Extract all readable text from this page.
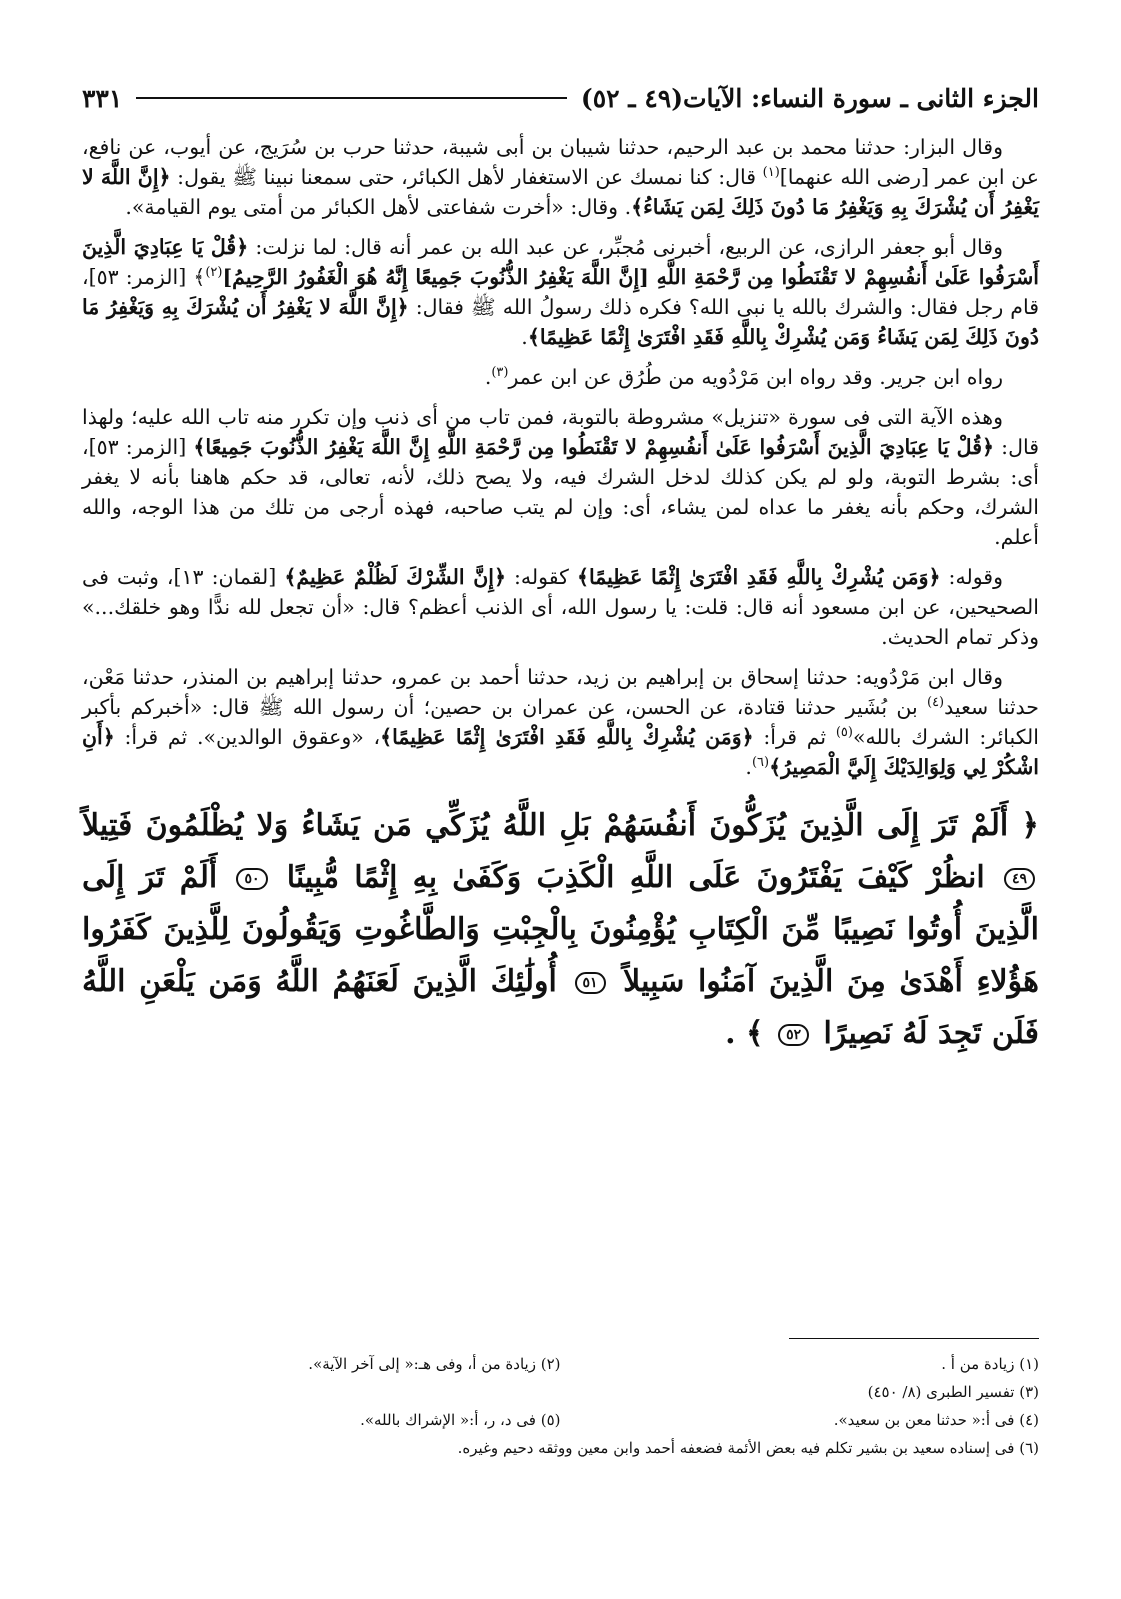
الجزء الثانى ـ سورة النساء: الآيات(٤٩ ـ ٥٢)
٣٣١

وقال البزار: حدثنا محمد بن عبد الرحيم، حدثنا شيبان بن أبى شيبة، حدثنا حرب بن سُرَيج، عن أيوب، عن نافع، عن ابن عمر [رضى الله عنهما]$^{(١)}$ قال: كنا نمسك عن الاستغفار لأهل الكبائر، حتى سمعنا نبينا ﷺ يقول: ﴿إِنَّ اللَّهَ لا يَغْفِرُ أَن يُشْرَكَ بِهِ وَيَغْفِرُ مَا دُونَ ذَلِكَ لِمَن يَشَاءُ﴾. وقال: «أخرت شفاعتى لأهل الكبائر من أمتى يوم القيامة».

وقال أبو جعفر الرازى، عن الربيع، أخبرنى مُجبِّر، عن عبد الله بن عمر أنه قال: لما نزلت: ﴿قُلْ يَا عِبَادِيَ الَّذِينَ أَسْرَفُوا عَلَىٰ أَنفُسِهِمْ لا تَقْنَطُوا مِن رَّحْمَةِ اللَّهِ [إِنَّ اللَّهَ يَغْفِرُ الذُّنُوبَ جَمِيعًا إِنَّهُ هُوَ الْغَفُورُ الرَّحِيمُ]$^{(٢)}$﴾ [الزمر: ٥٣]، قام رجل فقال: والشرك بالله يا نبى الله؟ فكره ذلك رسولُ الله ﷺ فقال: ﴿إِنَّ اللَّهَ لا يَغْفِرُ أَن يُشْرَكَ بِهِ وَيَغْفِرُ مَا دُونَ ذَلِكَ لِمَن يَشَاءُ وَمَن يُشْرِكْ بِاللَّهِ فَقَدِ افْتَرَىٰ إِثْمًا عَظِيمًا﴾.

رواه ابن جرير. وقد رواه ابن مَرْدُويه من طُرُق عن ابن عمر$^{(٣)}$.

وهذه الآية التى فى سورة «تنزيل» مشروطة بالتوبة، فمن تاب من أى ذنب وإن تكرر منه تاب الله عليه؛ ولهذا قال: ﴿قُلْ يَا عِبَادِيَ الَّذِينَ أَسْرَفُوا عَلَىٰ أَنفُسِهِمْ لا تَقْنَطُوا مِن رَّحْمَةِ اللَّهِ إِنَّ اللَّهَ يَغْفِرُ الذُّنُوبَ جَمِيعًا﴾ [الزمر: ٥٣]، أى: بشرط التوبة، ولو لم يكن كذلك لدخل الشرك فيه، ولا يصح ذلك، لأنه، تعالى، قد حكم هاهنا بأنه لا يغفر الشرك، وحكم بأنه يغفر ما عداه لمن يشاء، أى: وإن لم يتب صاحبه، فهذه أرجى من تلك من هذا الوجه، والله أعلم.

وقوله: ﴿وَمَن يُشْرِكْ بِاللَّهِ فَقَدِ افْتَرَىٰ إِثْمًا عَظِيمًا﴾ كقوله: ﴿إِنَّ الشِّرْكَ لَظُلْمٌ عَظِيمٌ﴾ [لقمان: ١٣]، وثبت فى الصحيحين، عن ابن مسعود أنه قال: قلت: يا رسول الله، أى الذنب أعظم؟ قال: «أن تجعل لله ندًّا وهو خلقك...» وذكر تمام الحديث.

وقال ابن مَرْدُويه: حدثنا إسحاق بن إبراهيم بن زيد، حدثنا أحمد بن عمرو، حدثنا إبراهيم بن المنذر، حدثنا مَعْن، حدثنا سعيد$^{(٤)}$ بن بُشَير حدثنا قتادة، عن الحسن، عن عمران بن حصين؛ أن رسول الله ﷺ قال: «أخبركم بأكبر الكبائر: الشرك بالله»$^{(٥)}$ ثم قرأ: ﴿وَمَن يُشْرِكْ بِاللَّهِ فَقَدِ افْتَرَىٰ إِثْمًا عَظِيمًا﴾، «وعقوق الوالدين». ثم قرأ: ﴿أَنِ اشْكُرْ لِي وَلِوَالِدَيْكَ إِلَيَّ الْمَصِيرُ﴾$^{(٦)}$.

﴿ أَلَمْ تَرَ إِلَى الَّذِينَ يُزَكُّونَ أَنفُسَهُمْ بَلِ اللَّهُ يُزَكِّي مَن يَشَاءُ وَلا يُظْلَمُونَ فَتِيلاً ٤٩ انظُرْ كَيْفَ يَفْتَرُونَ عَلَى اللَّهِ الْكَذِبَ وَكَفَىٰ بِهِ إِثْمًا مُّبِينًا ٥٠ أَلَمْ تَرَ إِلَى الَّذِينَ أُوتُوا نَصِيبًا مِّنَ الْكِتَابِ يُؤْمِنُونَ بِالْجِبْتِ وَالطَّاغُوتِ وَيَقُولُونَ لِلَّذِينَ كَفَرُوا هَؤُلاءِ أَهْدَىٰ مِنَ الَّذِينَ آمَنُوا سَبِيلاً ٥١ أُولَٰئِكَ الَّذِينَ لَعَنَهُمُ اللَّهُ وَمَن يَلْعَنِ اللَّهُ فَلَن تَجِدَ لَهُ نَصِيرًا ٥٢ ﴾ .
(١) زيادة من أ .
(٢) زيادة من أ، وفى هـ:« إلى آخر الآية».
(٣) تفسير الطبرى (٨/ ٤٥٠)
(٤) فى أ:« حدثنا معن بن سعيد».
(٥) فى د، ر، أ:« الإشراك بالله».
(٦) فى إسناده سعيد بن بشير تكلم فيه بعض الأئمة فضعفه أحمد وابن معين ووثقه دحيم وغيره.
